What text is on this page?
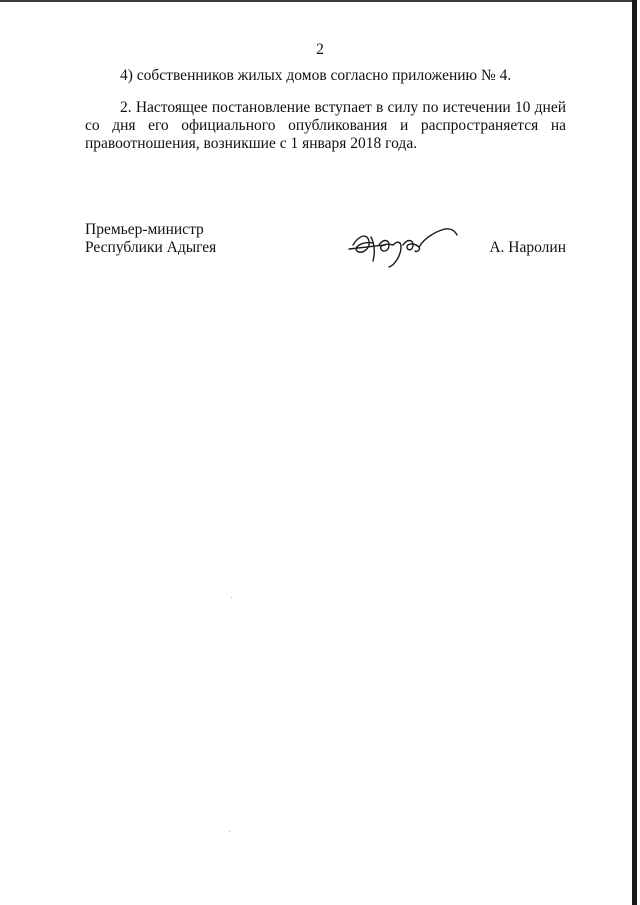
2
4) собственников жилых домов согласно приложению № 4.
2. Настоящее постановление вступает в силу по истечении 10 дней
со дня его официального опубликования и распространяется на
правоотношения, возникшие с 1 января 2018 года.
Премьер-министр
Республики Адыгея	А. Наролин
